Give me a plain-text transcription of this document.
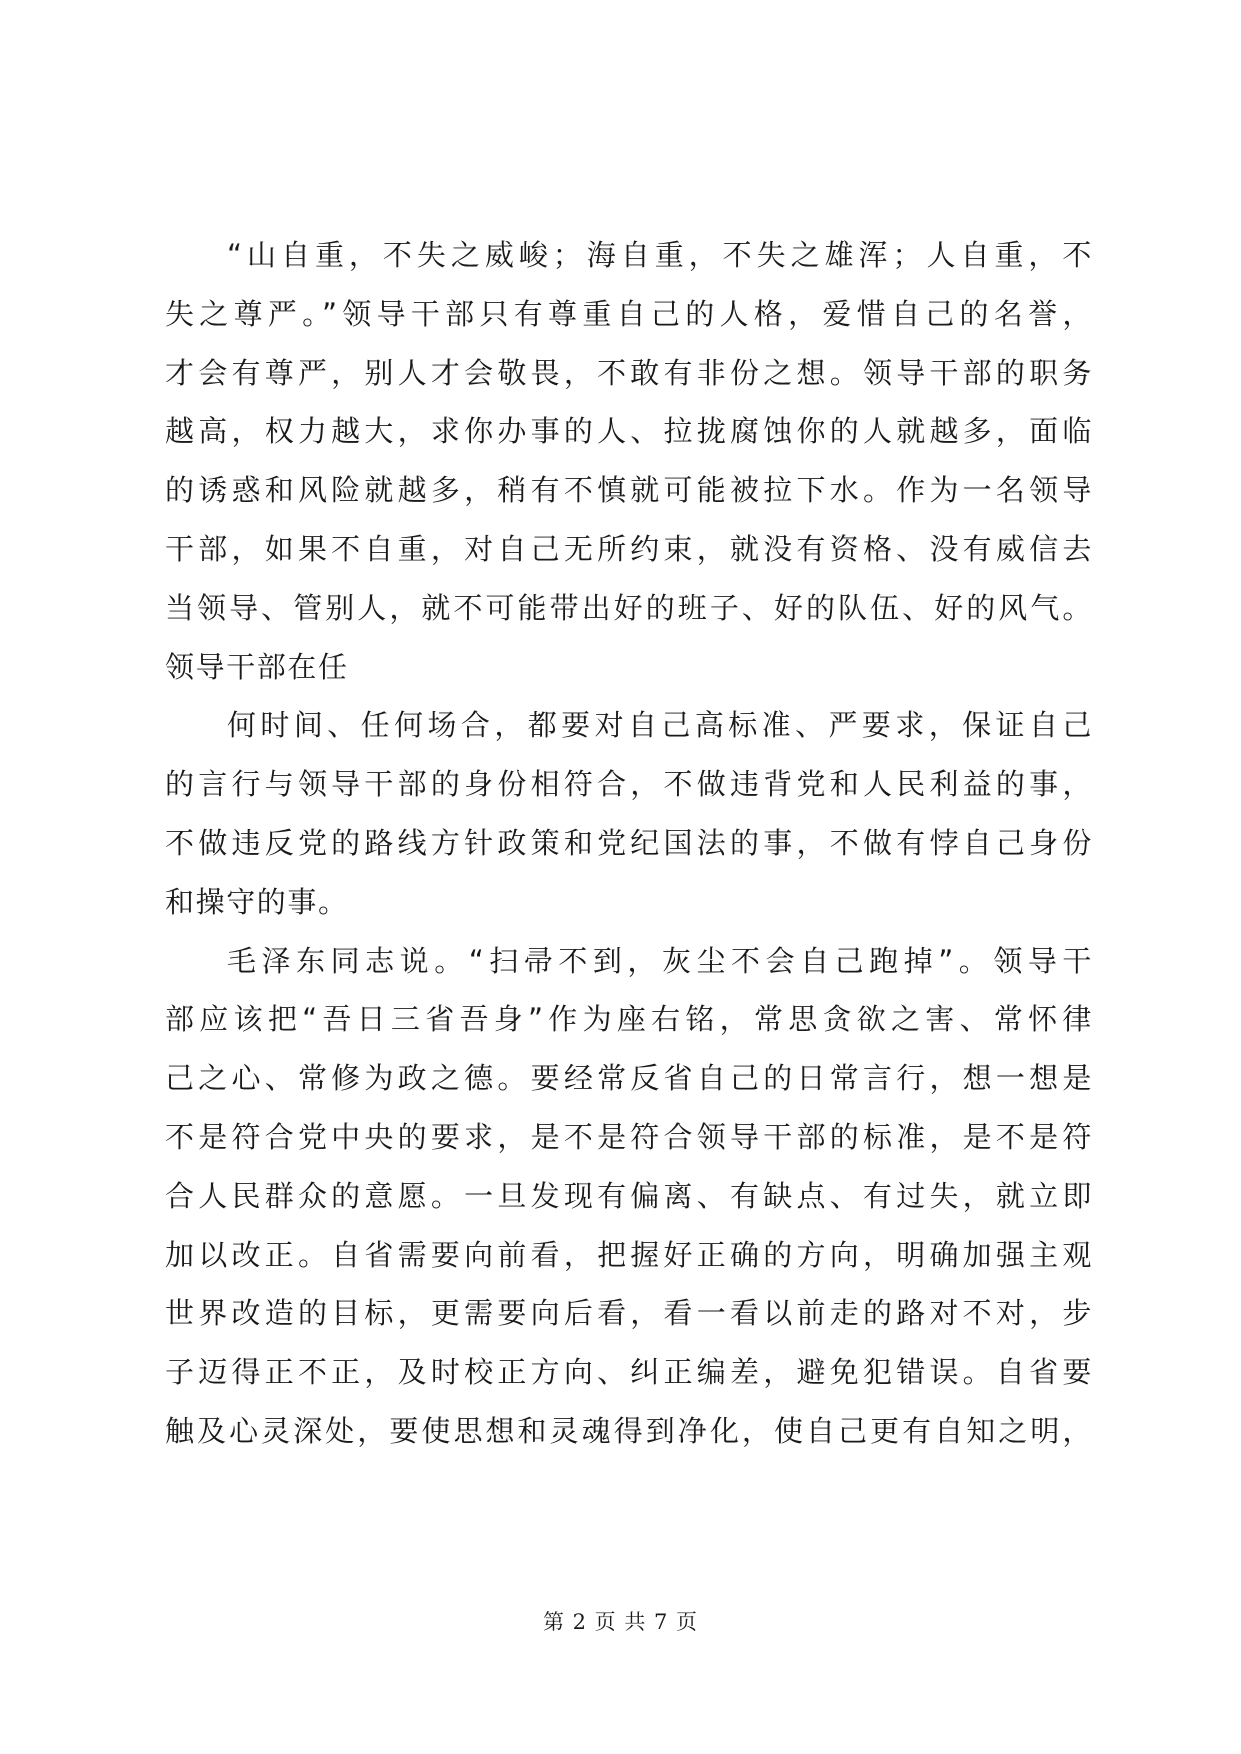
“山自重，不失之威峻；海自重，不失之雄浑；人自重，不
失之尊严。”领导干部只有尊重自己的人格，爱惜自己的名誉，
才会有尊严，别人才会敬畏，不敢有非份之想。领导干部的职务
越高，权力越大，求你办事的人、拉拢腐蚀你的人就越多，面临
的诱惑和风险就越多，稍有不慎就可能被拉下水。作为一名领导
干部，如果不自重，对自己无所约束，就没有资格、没有威信去
当领导、管别人，就不可能带出好的班子、好的队伍、好的风气。
领导干部在任
何时间、任何场合，都要对自己高标准、严要求，保证自己
的言行与领导干部的身份相符合，不做违背党和人民利益的事，
不做违反党的路线方针政策和党纪国法的事，不做有悖自己身份
和操守的事。
毛泽东同志说。“扫帚不到，灰尘不会自己跑掉”。领导干
部应该把“吾日三省吾身”作为座右铭，常思贪欲之害、常怀律
己之心、常修为政之德。要经常反省自己的日常言行，想一想是
不是符合党中央的要求，是不是符合领导干部的标准，是不是符
合人民群众的意愿。一旦发现有偏离、有缺点、有过失，就立即
加以改正。自省需要向前看，把握好正确的方向，明确加强主观
世界改造的目标，更需要向后看，看一看以前走的路对不对，步
子迈得正不正，及时校正方向、纠正编差，避免犯错误。自省要
触及心灵深处，要使思想和灵魂得到净化，使自己更有自知之明，
第 2 页 共 7 页
